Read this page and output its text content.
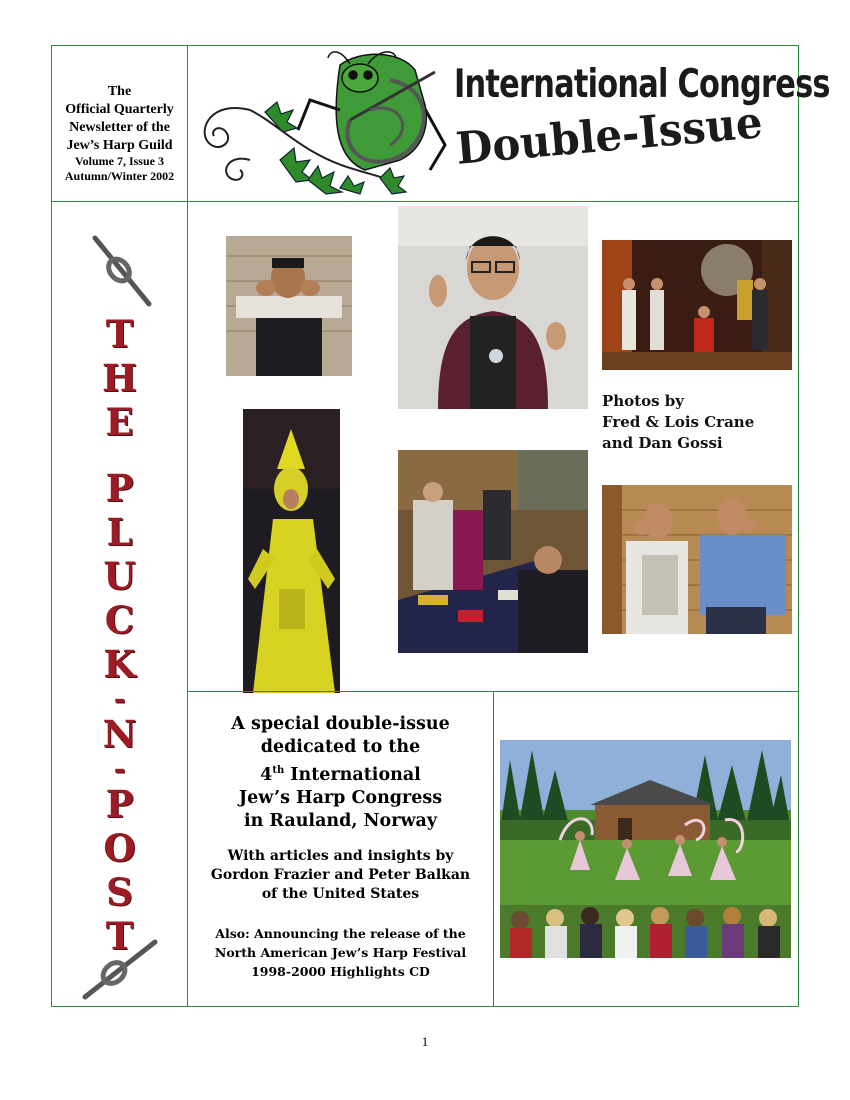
The
Official Quarterly
Newsletter of the
Jew’s Harp Guild
Volume 7, Issue 3
Autumn/Winter 2002
International Congress
Double-Issue
T
H
E
P
L
U
C
K
-
N
-
P
O
S
T
Photos by
Fred & Lois Crane
and Dan Gossi
A special double-issue
dedicated to the
4th International
Jew’s Harp Congress
in Rauland, Norway
With articles and insights by
Gordon Frazier and Peter Balkan
of the United States
Also: Announcing the release of the
North American Jew’s Harp Festival
1998-2000 Highlights CD
1
